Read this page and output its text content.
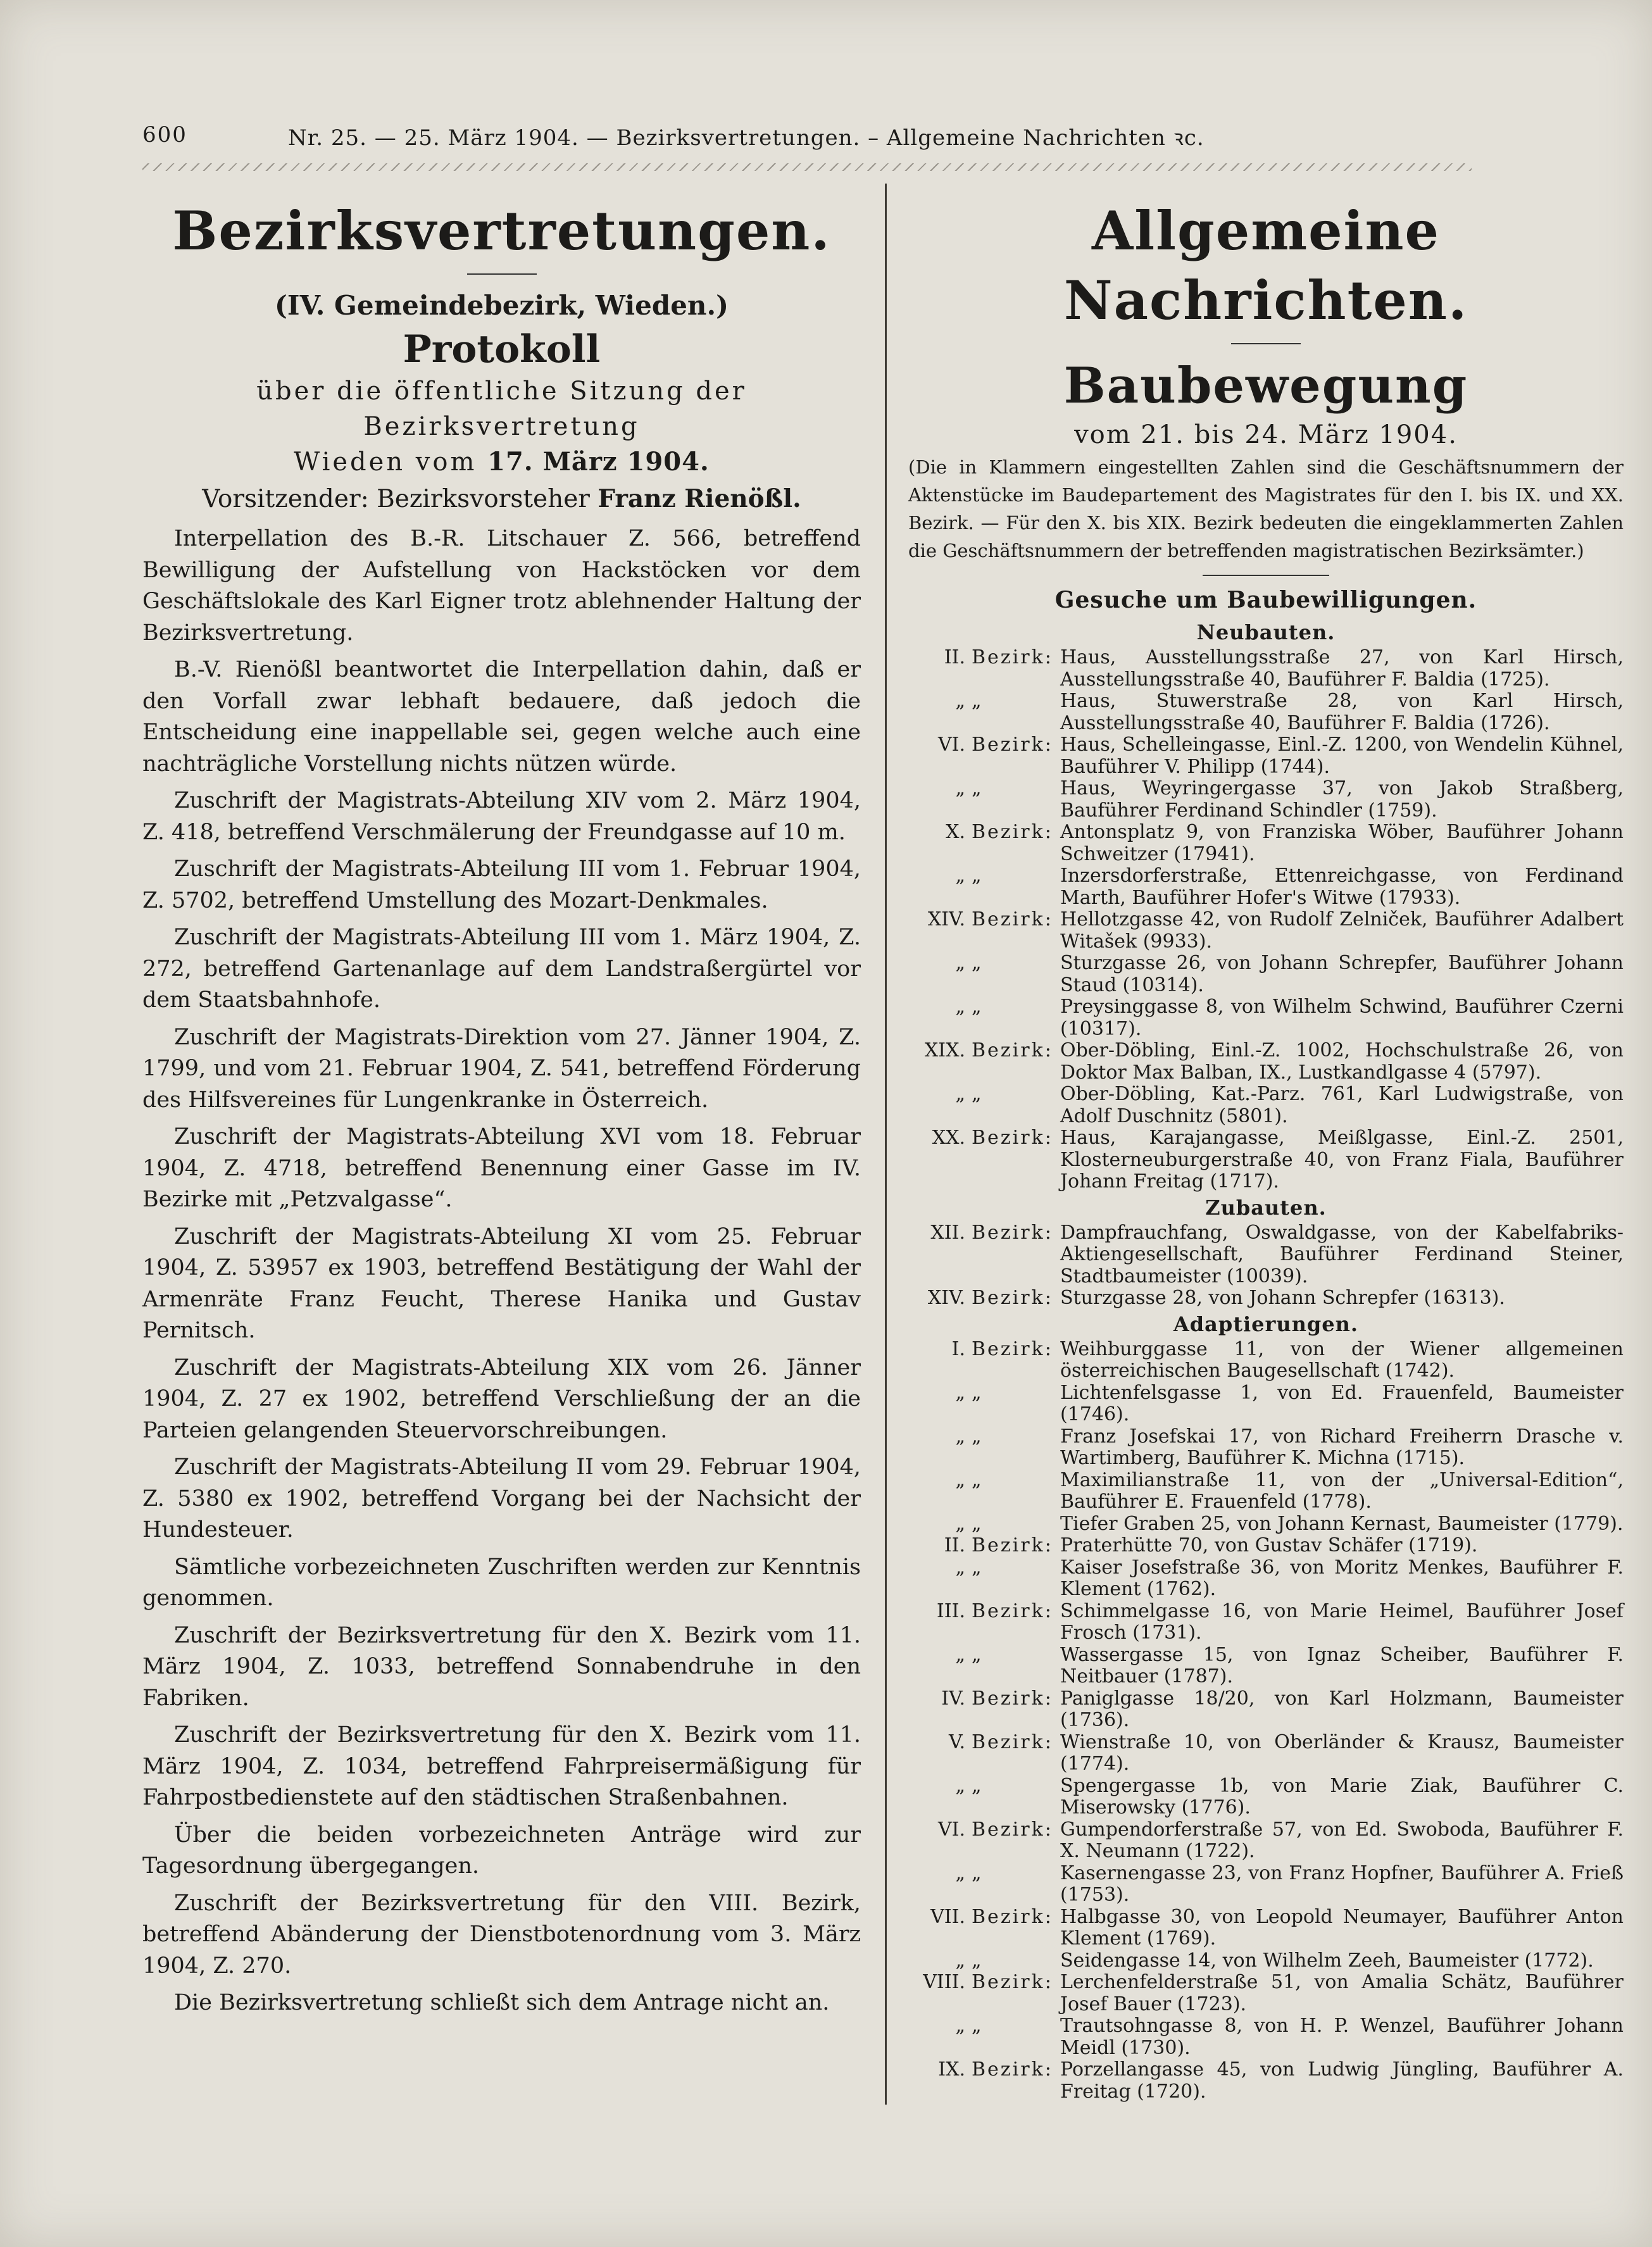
600	Nr. 25. — 25. März 1904. — Bezirksvertretungen. – Allgemeine Nachrichten ꝛc.
Bezirksvertretungen.
(IV. Gemeindebezirk, Wieden.)
Protokoll
über die öffentliche Sitzung der Bezirksvertretung
Wieden vom 17. März 1904.
Vorsitzender: Bezirksvorsteher Franz Rienößl.

Interpellation des B.-R. Litschauer Z. 566, betreffend Bewilligung der Aufstellung von Hackstöcken vor dem Geschäftslokale des Karl Eigner trotz ablehnender Haltung der Bezirksvertretung.

B.-V. Rienößl beantwortet die Interpellation dahin, daß er den Vorfall zwar lebhaft bedauere, daß jedoch die Entscheidung eine inappellable sei, gegen welche auch eine nachträgliche Vorstellung nichts nützen würde.

Zuschrift der Magistrats-Abteilung XIV vom 2. März 1904, Z. 418, betreffend Verschmälerung der Freundgasse auf 10 m.

Zuschrift der Magistrats-Abteilung III vom 1. Februar 1904, Z. 5702, betreffend Umstellung des Mozart-Denkmales.

Zuschrift der Magistrats-Abteilung III vom 1. März 1904, Z. 272, betreffend Gartenanlage auf dem Landstraßergürtel vor dem Staatsbahnhofe.

Zuschrift der Magistrats-Direktion vom 27. Jänner 1904, Z. 1799, und vom 21. Februar 1904, Z. 541, betreffend Förderung des Hilfsvereines für Lungenkranke in Österreich.

Zuschrift der Magistrats-Abteilung XVI vom 18. Februar 1904, Z. 4718, betreffend Benennung einer Gasse im IV. Bezirke mit „Petzvalgasse“.

Zuschrift der Magistrats-Abteilung XI vom 25. Februar 1904, Z. 53957 ex 1903, betreffend Bestätigung der Wahl der Armenräte Franz Feucht, Therese Hanika und Gustav Pernitsch.

Zuschrift der Magistrats-Abteilung XIX vom 26. Jänner 1904, Z. 27 ex 1902, betreffend Verschließung der an die Parteien gelangenden Steuervorschreibungen.

Zuschrift der Magistrats-Abteilung II vom 29. Februar 1904, Z. 5380 ex 1902, betreffend Vorgang bei der Nachsicht der Hundesteuer.

Sämtliche vorbezeichneten Zuschriften werden zur Kenntnis genommen.

Zuschrift der Bezirksvertretung für den X. Bezirk vom 11. März 1904, Z. 1033, betreffend Sonnabendruhe in den Fabriken.

Zuschrift der Bezirksvertretung für den X. Bezirk vom 11. März 1904, Z. 1034, betreffend Fahrpreisermäßigung für Fahrpostbedienstete auf den städtischen Straßenbahnen.

Über die beiden vorbezeichneten Anträge wird zur Tagesordnung übergegangen.

Zuschrift der Bezirksvertretung für den VIII. Bezirk, betreffend Abänderung der Dienstbotenordnung vom 3. März 1904, Z. 270.

Die Bezirksvertretung schließt sich dem Antrage nicht an.

Allgemeine Nachrichten.
Baubewegung
vom 21. bis 24. März 1904.
(Die in Klammern eingestellten Zahlen sind die Geschäftsnummern der Aktenstücke im Baudepartement des Magistrates für den I. bis IX. und XX. Bezirk. — Für den X. bis XIX. Bezirk bedeuten die eingeklammerten Zahlen die Geschäftsnummern der betreffenden magistratischen Bezirksämter.)
Gesuche um Baubewilligungen.
Neubauten.
II. Bezirk: Haus, Ausstellungsstraße 27, von Karl Hirsch, Ausstellungsstraße 40, Bauführer F. Baldia (1725).
„ „	Haus, Stuwerstraße 28, von Karl Hirsch, Ausstellungsstraße 40, Bauführer F. Baldia (1726).
VI. Bezirk: Haus, Schelleingasse, Einl.-Z. 1200, von Wendelin Kühnel, Bauführer V. Philipp (1744).
„ „	Haus, Weyringergasse 37, von Jakob Straßberg, Bauführer Ferdinand Schindler (1759).
X. Bezirk: Antonsplatz 9, von Franziska Wöber, Bauführer Johann Schweitzer (17941).
„ „	Inzersdorferstraße, Ettenreichgasse, von Ferdinand Marth, Bauführer Hofer's Witwe (17933).
XIV. Bezirk: Hellotzgasse 42, von Rudolf Zelniček, Bauführer Adalbert Witašek (9933).
„ „	Sturzgasse 26, von Johann Schrepfer, Bauführer Johann Staud (10314).
„ „	Preysinggasse 8, von Wilhelm Schwind, Bauführer Czerni (10317).
XIX. Bezirk: Ober-Döbling, Einl.-Z. 1002, Hochschulstraße 26, von Doktor Max Balban, IX., Lustkandlgasse 4 (5797).
„ „	Ober-Döbling, Kat.-Parz. 761, Karl Ludwigstraße, von Adolf Duschnitz (5801).
XX. Bezirk: Haus, Karajangasse, Meißlgasse, Einl.-Z. 2501, Klosterneuburgerstraße 40, von Franz Fiala, Bauführer Johann Freitag (1717).
Zubauten.
XII. Bezirk: Dampfrauchfang, Oswaldgasse, von der Kabelfabriks-Aktiengesellschaft, Bauführer Ferdinand Steiner, Stadtbaumeister (10039).
XIV. Bezirk: Sturzgasse 28, von Johann Schrepfer (16313).
Adaptierungen.
I. Bezirk: Weihburggasse 11, von der Wiener allgemeinen österreichischen Baugesellschaft (1742).
„ „	Lichtenfelsgasse 1, von Ed. Frauenfeld, Baumeister (1746).
„ „	Franz Josefskai 17, von Richard Freiherrn Drasche v. Wartimberg, Bauführer K. Michna (1715).
„ „	Maximilianstraße 11, von der „Universal-Edition“, Bauführer E. Frauenfeld (1778).
„ „	Tiefer Graben 25, von Johann Kernast, Baumeister (1779).
II. Bezirk: Praterhütte 70, von Gustav Schäfer (1719).
„ „	Kaiser Josefstraße 36, von Moritz Menkes, Bauführer F. Klement (1762).
III. Bezirk: Schimmelgasse 16, von Marie Heimel, Bauführer Josef Frosch (1731).
„ „	Wassergasse 15, von Ignaz Scheiber, Bauführer F. Neitbauer (1787).
IV. Bezirk: Paniglgasse 18/20, von Karl Holzmann, Baumeister (1736).
V. Bezirk: Wienstraße 10, von Oberländer & Krausz, Baumeister (1774).
„ „	Spengergasse 1b, von Marie Ziak, Bauführer C. Miserowsky (1776).
VI. Bezirk: Gumpendorferstraße 57, von Ed. Swoboda, Bauführer F. X. Neumann (1722).
„ „	Kasernengasse 23, von Franz Hopfner, Bauführer A. Frieß (1753).
VII. Bezirk: Halbgasse 30, von Leopold Neumayer, Bauführer Anton Klement (1769).
„ „	Seidengasse 14, von Wilhelm Zeeh, Baumeister (1772).
VIII. Bezirk: Lerchenfelderstraße 51, von Amalia Schätz, Bauführer Josef Bauer (1723).
„ „	Trautsohngasse 8, von H. P. Wenzel, Bauführer Johann Meidl (1730).
IX. Bezirk: Porzellangasse 45, von Ludwig Jüngling, Bauführer A. Freitag (1720).
